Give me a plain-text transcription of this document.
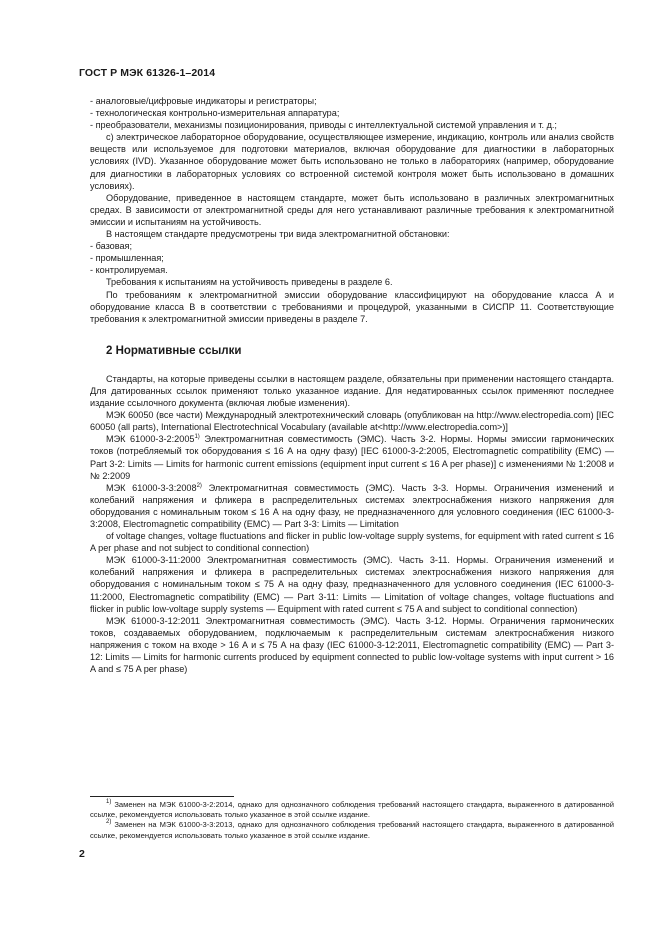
ГОСТ Р МЭК 61326-1–2014

- аналоговые/цифровые индикаторы и регистраторы;

- технологическая контрольно-измерительная аппаратура;

- преобразователи, механизмы позиционирования, приводы с интеллектуальной системой управления и т. д.;

с) электрическое лабораторное оборудование, осуществляющее измерение, индикацию, контроль или анализ свойств веществ или используемое для подготовки материалов, включая оборудование для диагностики в лабораторных условиях (IVD). Указанное оборудование может быть использовано не только в лабораториях (например, оборудование для диагностики в лабораторных условиях со встроенной системой контроля может быть использовано в домашних условиях).

Оборудование, приведенное в настоящем стандарте, может быть использовано в различных электромагнитных средах. В зависимости от электромагнитной среды для него устанавливают различные требования к электромагнитной эмиссии и испытаниям на устойчивость.

В настоящем стандарте предусмотрены три вида электромагнитной обстановки:

- базовая;

- промышленная;

- контролируемая.

Требования к испытаниям на устойчивость приведены в разделе 6.

По требованиям к электромагнитной эмиссии оборудование классифицируют на оборудование класса А и оборудование класса В в соответствии с требованиями и процедурой, указанными в СИСПР 11. Соответствующие требования к электромагнитной эмиссии приведены в разделе 7.

2 Нормативные ссылки

Стандарты, на которые приведены ссылки в настоящем разделе, обязательны при применении настоящего стандарта. Для датированных ссылок применяют только указанное издание. Для недатированных ссылок применяют последнее издание ссылочного документа (включая любые изменения).

МЭК 60050 (все части) Международный электротехнический словарь (опубликован на http://www.electropedia.com) [IEC 60050 (all parts), International Electrotechnical Vocabulary (available at<http://www.electropedia.com>)]

МЭК 61000-3-2:2005$^{1)}$ Электромагнитная совместимость (ЭМС). Часть 3-2. Нормы. Нормы эмиссии гармонических токов (потребляемый ток оборудования ≤ 16 А на одну фазу) [IEC 61000-3-2:2005, Electromagnetic compatibility (EMC) — Part 3-2: Limits — Limits for harmonic current emissions (equipment input current ≤ 16 A per phase)] с изменениями № 1:2008 и № 2:2009

МЭК 61000-3-3:2008$^{2)}$ Электромагнитная совместимость (ЭМС). Часть 3-3. Нормы. Ограничения изменений и колебаний напряжения и фликера в распределительных системах электроснабжения низкого напряжения для оборудования с номинальным током ≤ 16 А на одну фазу, не предназначенного для условного соединения (IEC 61000-3-3:2008, Electromagnetic compatibility (EMC) — Part 3-3: Limits — Limitation

of voltage changes, voltage fluctuations and flicker in public low-voltage supply systems, for equipment with rated current ≤ 16 A per phase and not subject to conditional connection)

МЭК 61000-3-11:2000 Электромагнитная совместимость (ЭМС). Часть 3-11. Нормы. Ограничения изменений и колебаний напряжения и фликера в распределительных системах электроснабжения низкого напряжения для оборудования с номинальным током ≤ 75 А на одну фазу, предназначенного для условного соединения (IEC 61000-3-11:2000, Electromagnetic compatibility (EMC) — Part 3-11: Limits — Limitation of voltage changes, voltage fluctuations and flicker in public low-voltage supply systems — Equipment with rated current ≤ 75 A and subject to conditional connection)

МЭК 61000-3-12:2011 Электромагнитная совместимость (ЭМС). Часть 3-12. Нормы. Ограничения гармонических токов, создаваемых оборудованием, подключаемым к распределительным системам электроснабжения низкого напряжения с током на входе > 16 А и ≤ 75 А на фазу (IEC 61000-3-12:2011, Electromagnetic compatibility (EMC) — Part 3-12: Limits — Limits for harmonic currents produced by equipment connected to public low-voltage systems with input current > 16 A and ≤ 75 A per phase)

$^{1)}$ Заменен на МЭК 61000-3-2:2014, однако для однозначного соблюдения требований настоящего стандарта, выраженного в датированной ссылке, рекомендуется использовать только указанное в этой ссылке издание.

$^{2)}$ Заменен на МЭК 61000-3-3:2013, однако для однозначного соблюдения требований настоящего стандарта, выраженного в датированной ссылке, рекомендуется использовать только указанное в этой ссылке издание.

2
